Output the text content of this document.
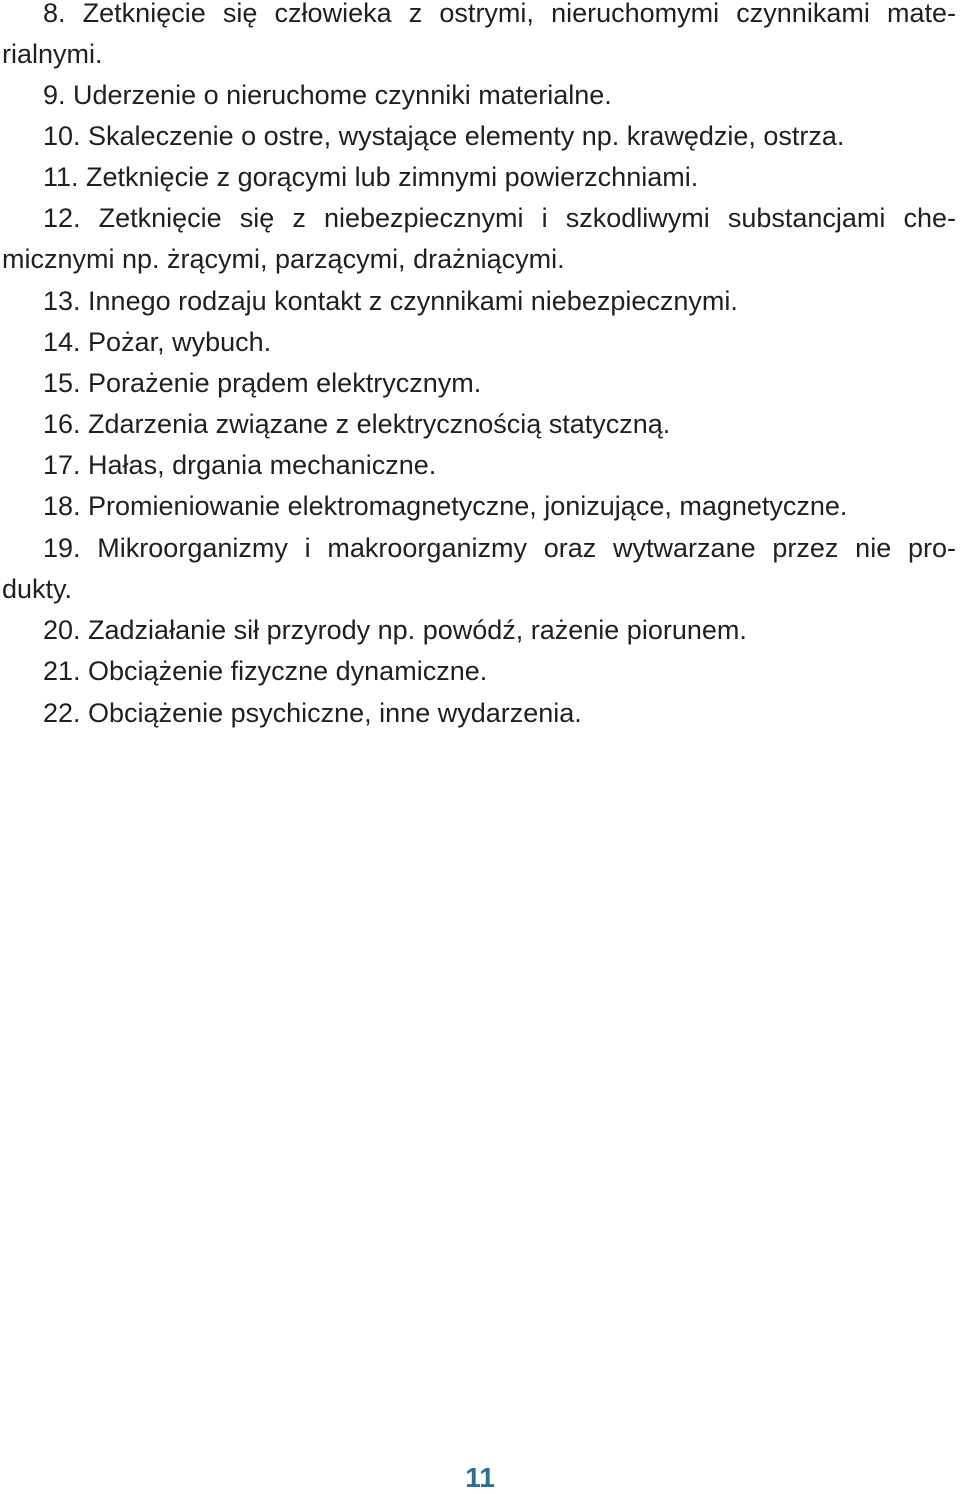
8. Zetknięcie się człowieka z ostrymi, nieruchomymi czynnikami mate-
rialnymi.
9. Uderzenie o nieruchome czynniki materialne.
10. Skaleczenie o ostre, wystające elementy np. krawędzie, ostrza.
11. Zetknięcie z gorącymi lub zimnymi powierzchniami.
12. Zetknięcie się z niebezpiecznymi i szkodliwymi substancjami che-
micznymi np. żrącymi, parzącymi, drażniącymi.
13. Innego rodzaju kontakt z czynnikami niebezpiecznymi.
14. Pożar, wybuch.
15. Porażenie prądem elektrycznym.
16. Zdarzenia związane z elektrycznością statyczną.
17. Hałas, drgania mechaniczne.
18. Promieniowanie elektromagnetyczne, jonizujące, magnetyczne.
19. Mikroorganizmy i makroorganizmy oraz wytwarzane przez nie pro-
dukty.
20. Zadziałanie sił przyrody np. powódź, rażenie piorunem.
21. Obciążenie fizyczne dynamiczne.
22. Obciążenie psychiczne, inne wydarzenia.
11
